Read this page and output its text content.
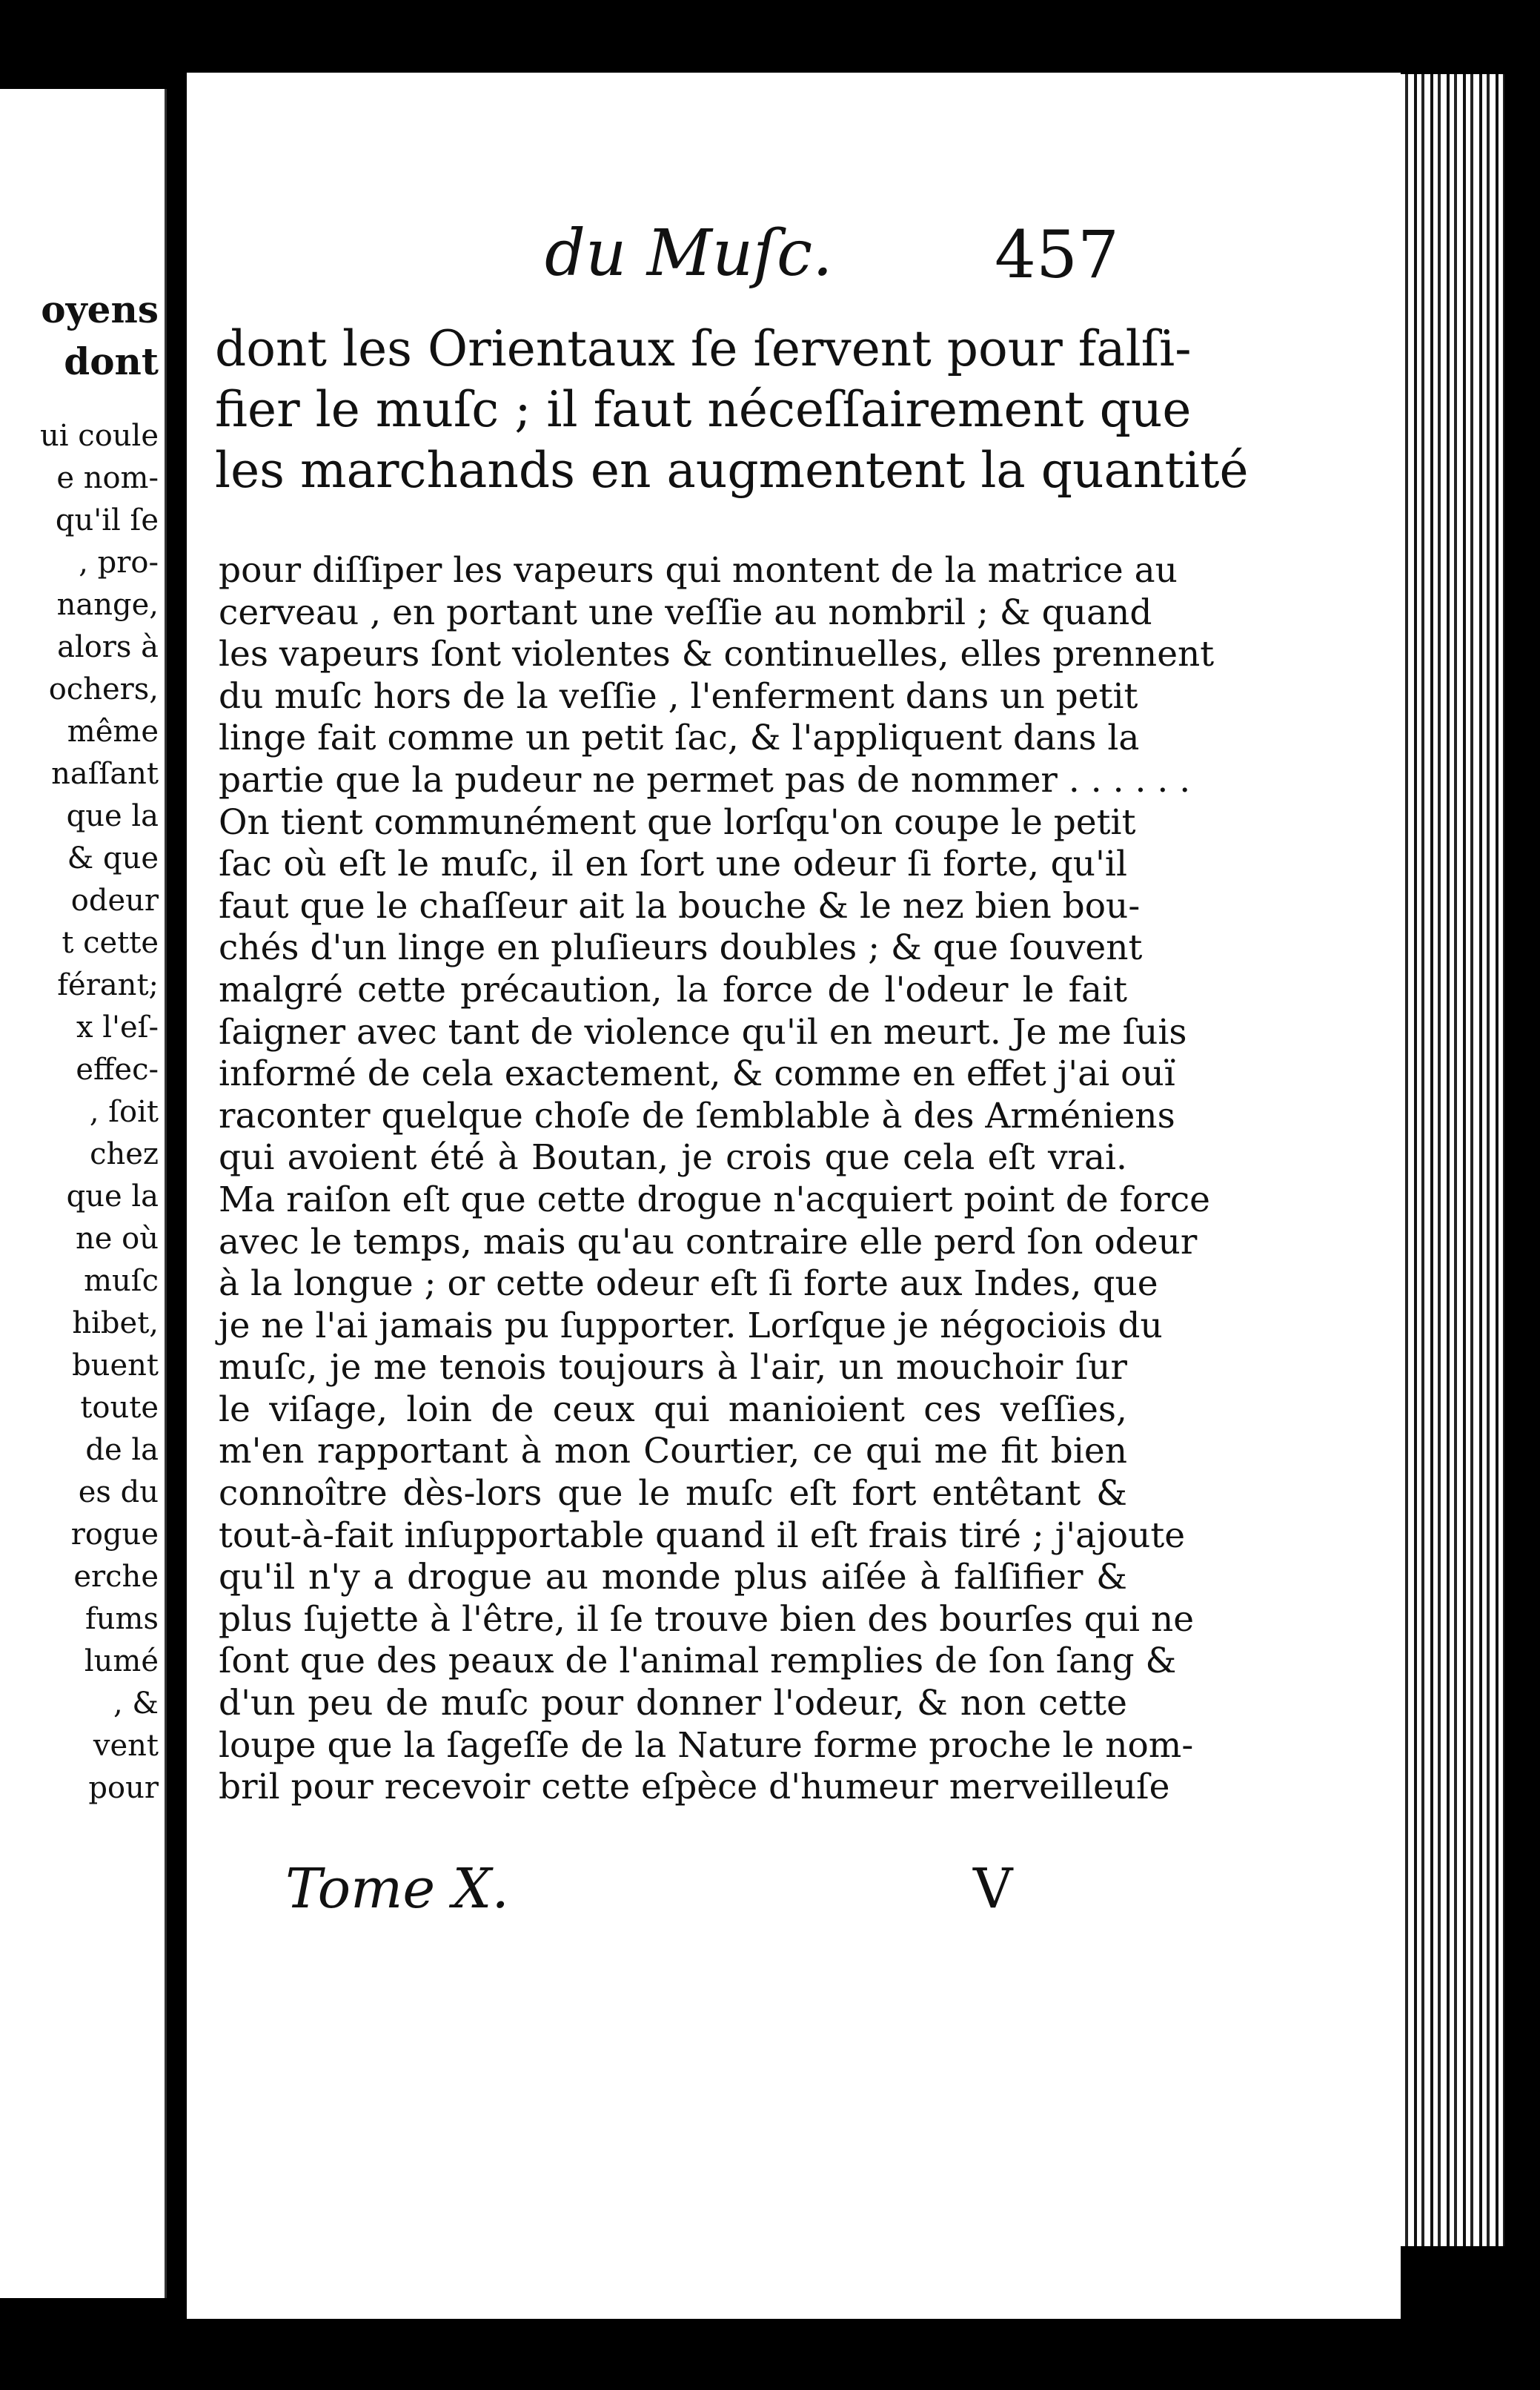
oyens
dont
ui coule
e nom-
qu'il ſe
, pro-
nange,
alors à
ochers,
même
naſſant
que la
& que
odeur
t cette
férant;
x l'eſ-
effec-
, ſoit
chez
que la
ne où
muſc
hibet,
buent
toute
de la
es du
rogue
erche
fums
lumé
, &
vent
pour
du Muſc. 457
dont les Orientaux ſe ſervent pour falſi-
fier le muſc ; il faut néceſſairement que
les marchands en augmentent la quantité
pour diſſiper les vapeurs qui montent de la matrice au
cerveau , en portant une veſſie au nombril ; & quand
les vapeurs ſont violentes & continuelles, elles prennent
du muſc hors de la veſſie , l'enferment dans un petit
linge fait comme un petit ſac, & l'appliquent dans la
partie que la pudeur ne permet pas de nommer . . . . . .
On tient communément que lorſqu'on coupe le petit
ſac où eſt le muſc, il en ſort une odeur ſi forte, qu'il
faut que le chaſſeur ait la bouche & le nez bien bou-
chés d'un linge en pluſieurs doubles ; & que ſouvent
malgré cette précaution, la force de l'odeur le fait
ſaigner avec tant de violence qu'il en meurt. Je me ſuis
informé de cela exactement, & comme en effet j'ai ouï
raconter quelque choſe de ſemblable à des Arméniens
qui avoient été à Boutan, je crois que cela eſt vrai.
Ma raiſon eſt que cette drogue n'acquiert point de force
avec le temps, mais qu'au contraire elle perd ſon odeur
à la longue ; or cette odeur eſt ſi forte aux Indes, que
je ne l'ai jamais pu ſupporter. Lorſque je négociois du
muſc, je me tenois toujours à l'air, un mouchoir ſur
le viſage, loin de ceux qui manioient ces veſſies,
m'en rapportant à mon Courtier, ce qui me fit bien
connoître dès-lors que le muſc eſt fort entêtant &
tout-à-fait inſupportable quand il eſt frais tiré ; j'ajoute
qu'il n'y a drogue au monde plus aiſée à falſifier &
plus ſujette à l'être, il ſe trouve bien des bourſes qui ne
ſont que des peaux de l'animal remplies de ſon ſang &
d'un peu de muſc pour donner l'odeur, & non cette
loupe que la ſageſſe de la Nature forme proche le nom-
bril pour recevoir cette eſpèce d'humeur merveilleuſe
Tome X.	V
